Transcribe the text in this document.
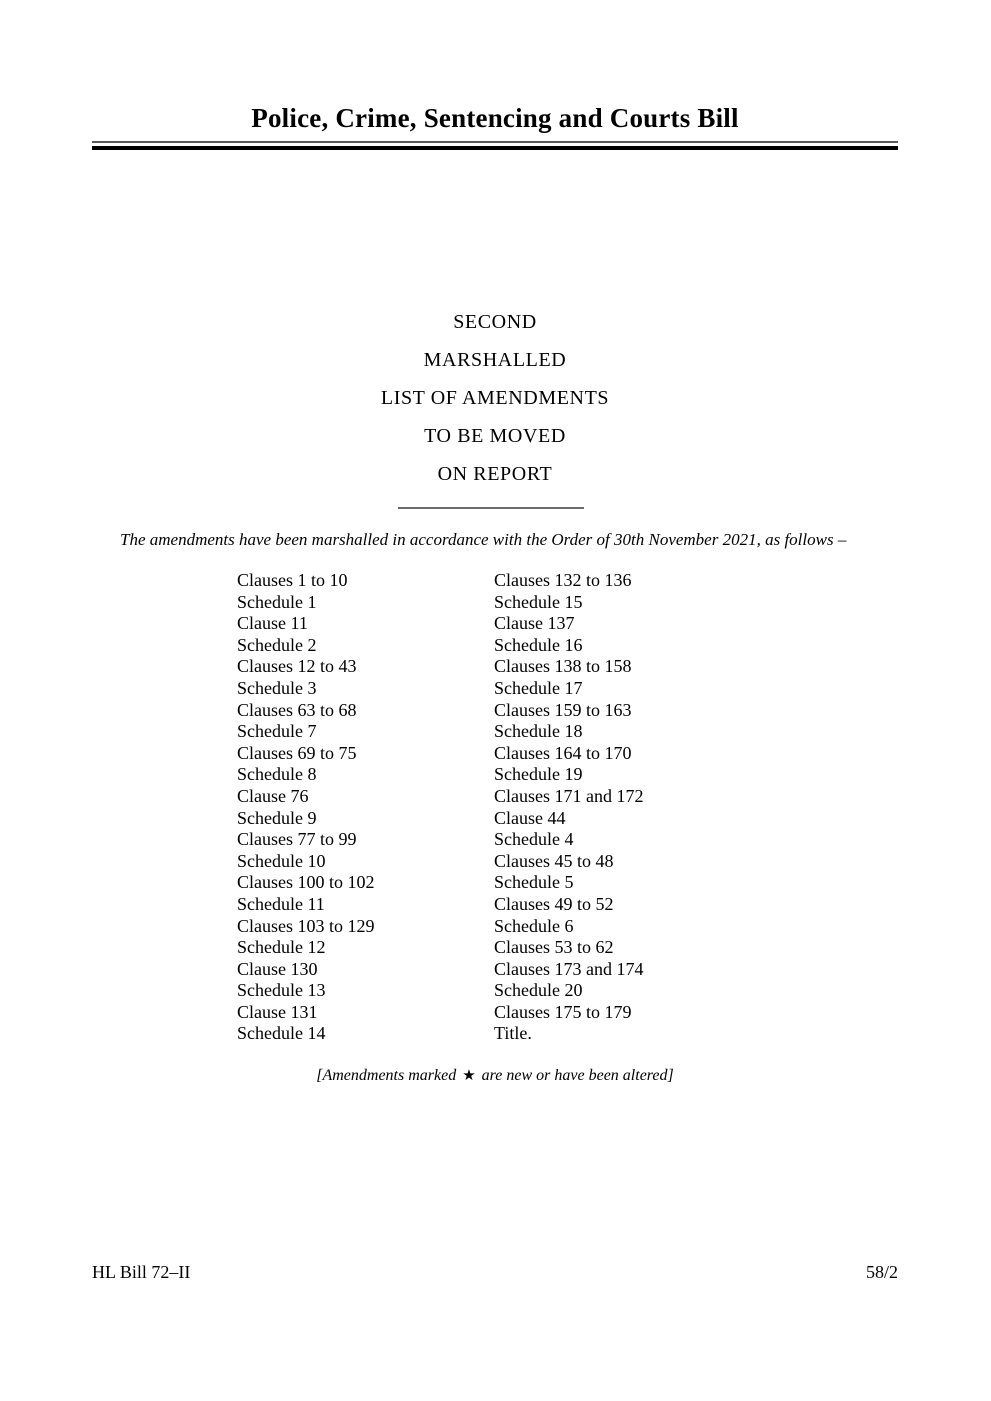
Police, Crime, Sentencing and Courts Bill
SECOND
MARSHALLED
LIST OF AMENDMENTS
TO BE MOVED
ON REPORT
The amendments have been marshalled in accordance with the Order of 30th November 2021, as follows –
Clauses 1 to 10
Schedule 1
Clause 11
Schedule 2
Clauses 12 to 43
Schedule 3
Clauses 63 to 68
Schedule 7
Clauses 69 to 75
Schedule 8
Clause 76
Schedule 9
Clauses 77 to 99
Schedule 10
Clauses 100 to 102
Schedule 11
Clauses 103 to 129
Schedule 12
Clause 130
Schedule 13
Clause 131
Schedule 14
Clauses 132 to 136
Schedule 15
Clause 137
Schedule 16
Clauses 138 to 158
Schedule 17
Clauses 159 to 163
Schedule 18
Clauses 164 to 170
Schedule 19
Clauses 171 and 172
Clause 44
Schedule 4
Clauses 45 to 48
Schedule 5
Clauses 49 to 52
Schedule 6
Clauses 53 to 62
Clauses 173 and 174
Schedule 20
Clauses 175 to 179
Title.
[Amendments marked ★ are new or have been altered]
HL Bill 72–II	58/2
